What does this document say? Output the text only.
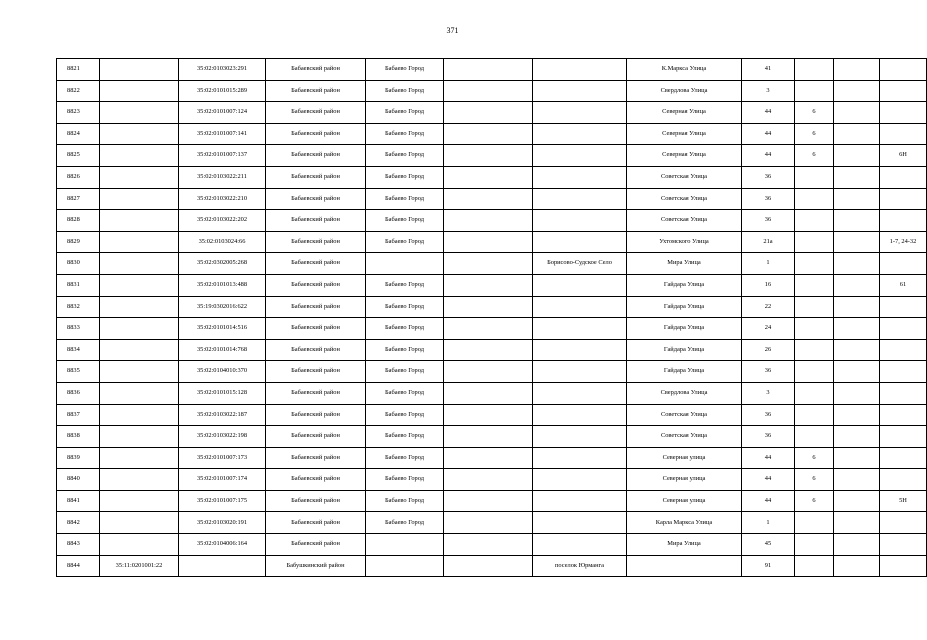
371
8821		35:02:0103023:291	Бабаевский район	Бабаево Город			К.Маркса Улица	41			
8822		35:02:0101015:289	Бабаевский район	Бабаево Город			Свердлова Улица	3			
8823		35:02:0101007:124	Бабаевский район	Бабаево Город			Северная Улица	44	6		
8824		35:02:0101007:141	Бабаевский район	Бабаево Город			Северная Улица	44	6		
8825		35:02:0101007:137	Бабаевский район	Бабаево Город			Северная Улица	44	6		6Н
8826		35:02:0103022:211	Бабаевский район	Бабаево Город			Советская Улица	36			
8827		35:02:0103022:210	Бабаевский район	Бабаево Город			Советская Улица	36			
8828		35:02:0103022:202	Бабаевский район	Бабаево Город			Советская Улица	36			
8829		35:02:0103024:66	Бабаевский район	Бабаево Город			Ухтомского Улица	21а			1-7, 24-32
8830		35:02:0302005:268	Бабаевский район			Борисово-Судское Село	Мира Улица	1			
8831		35:02:0101013:488	Бабаевский район	Бабаево Город			Гайдара Улица	16			61
8832		35:19:0302016:622	Бабаевский район	Бабаево Город			Гайдара Улица	22			
8833		35:02:0101014:516	Бабаевский район	Бабаево Город			Гайдара Улица	24			
8834		35:02:0101014:768	Бабаевский район	Бабаево Город			Гайдара Улица	26			
8835		35:02:0104010:370	Бабаевский район	Бабаево Город			Гайдара Улица	36			
8836		35:02:0101015:128	Бабаевский район	Бабаево Город			Свердлова Улица	3			
8837		35:02:0103022:187	Бабаевский район	Бабаево Город			Советская Улица	36			
8838		35:02:0103022:198	Бабаевский район	Бабаево Город			Советская Улица	36			
8839		35:02:0101007:173	Бабаевский район	Бабаево Город			Северная улица	44	6		
8840		35:02:0101007:174	Бабаевский район	Бабаево Город			Северная улица	44	6		
8841		35:02:0101007:175	Бабаевский район	Бабаево Город			Северная улица	44	6		5Н
8842		35:02:0103020:191	Бабаевский район	Бабаево Город			Карла Маркса Улица	1			
8843		35:02:0104006:164	Бабаевский район				Мира Улица	45			
8844	35:11:0201001:22		Бабушкинский район			поселок Юрманга		91			
